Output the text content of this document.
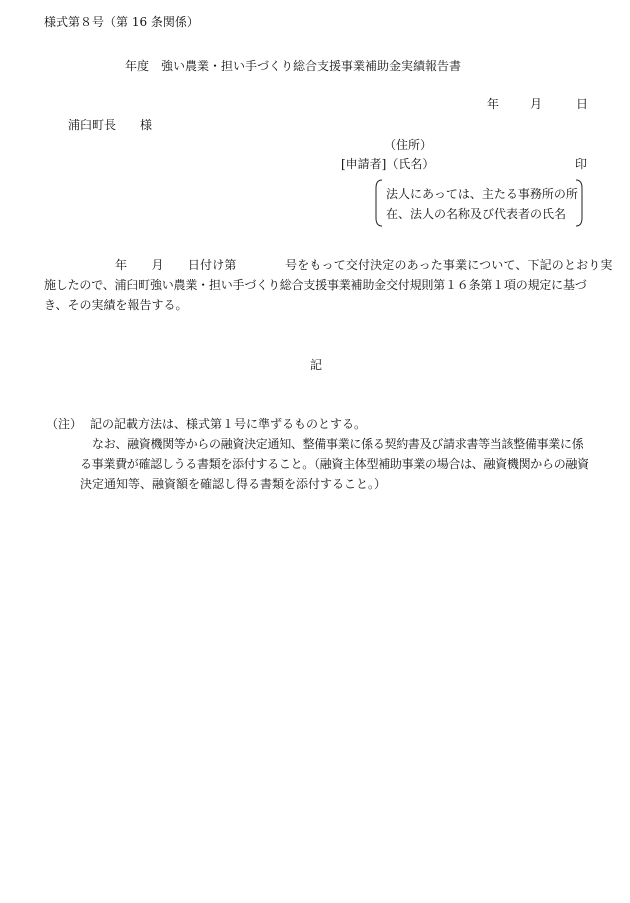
様式第８号（第 16 条関係）
年度　強い農業・担い手づくり総合支援事業補助金実績報告書
年	月	日
浦臼町長　　様
（住所）
[申請者]（氏名）	印
法人にあっては、主たる事務所の所
在、法人の名称及び代表者の氏名
年　　月　　日付け第　　　　号をもって交付決定のあった事業について、下記のとおり実
施したので、浦臼町強い農業・担い手づくり総合支援事業補助金交付規則第１６条第１項の規定に基づ
き、その実績を報告する。
記
（注） 記の記載方法は、様式第１号に準ずるものとする。
なお、融資機関等からの融資決定通知、整備事業に係る契約書及び請求書等当該整備事業に係
る事業費が確認しうる書類を添付すること。（融資主体型補助事業の場合は、融資機関からの融資
決定通知等、融資額を確認し得る書類を添付すること。）
